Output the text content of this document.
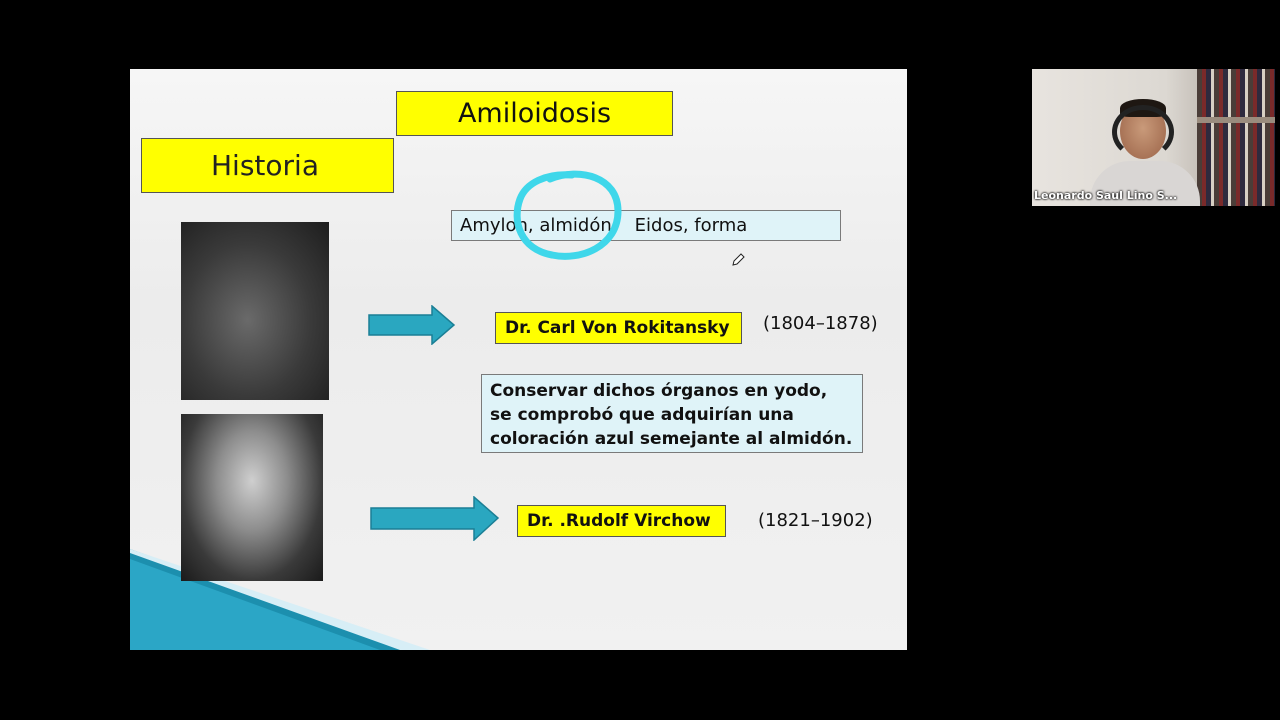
Amiloidosis
Historia
Amylon, almidón.   Eidos, forma
Dr. Carl Von Rokitansky	(1804–1878)
Conservar dichos órganos en yodo, se comprobó que adquirían una coloración azul semejante al almidón.
Dr. .Rudolf Virchow	(1821–1902)
Leonardo Saul Lino S...
